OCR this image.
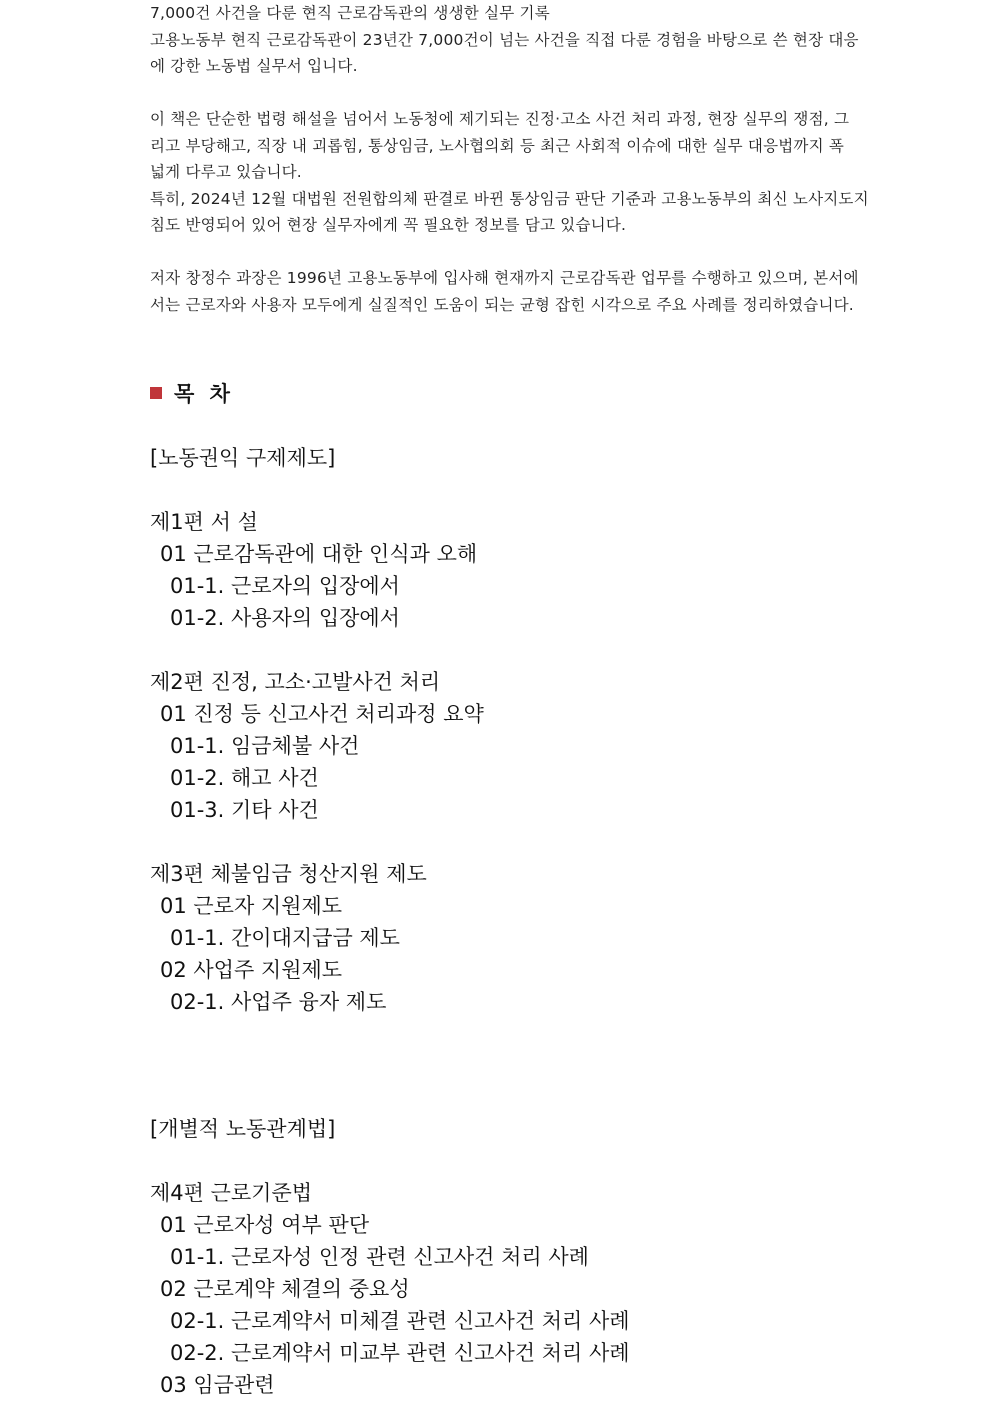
7,000건 사건을 다룬 현직 근로감독관의 생생한 실무 기록
고용노동부 현직 근로감독관이 23년간 7,000건이 넘는 사건을 직접 다룬 경험을 바탕으로 쓴 현장 대응
에 강한 노동법 실무서 입니다.

이 책은 단순한 법령 해설을 넘어서 노동청에 제기되는 진정·고소 사건 처리 과정, 현장 실무의 쟁점, 그
리고 부당해고, 직장 내 괴롭힘, 통상임금, 노사협의회 등 최근 사회적 이슈에 대한 실무 대응법까지 폭
넓게 다루고 있습니다.
특히, 2024년 12월 대법원 전원합의체 판결로 바뀐 통상임금 판단 기준과 고용노동부의 최신 노사지도지
침도 반영되어 있어 현장 실무자에게 꼭 필요한 정보를 담고 있습니다.

저자 창정수 과장은 1996년 고용노동부에 입사해 현재까지 근로감독관 업무를 수행하고 있으며, 본서에
서는 근로자와 사용자 모두에게 실질적인 도움이 되는 균형 잡힌 시각으로 주요 사례를 정리하였습니다.

목 차
[노동권익 구제제도]
제1편 서 설
01 근로감독관에 대한 인식과 오해
01-1. 근로자의 입장에서
01-2. 사용자의 입장에서
제2편 진정, 고소·고발사건 처리
01 진정 등 신고사건 처리과정 요약
01-1. 임금체불 사건
01-2. 해고 사건
01-3. 기타 사건
제3편 체불임금 청산지원 제도
01 근로자 지원제도
01-1. 간이대지급금 제도
02 사업주 지원제도
02-1. 사업주 융자 제도
[개별적 노동관계법]
제4편 근로기준법
01 근로자성 여부 판단
01-1. 근로자성 인정 관련 신고사건 처리 사례
02 근로계약 체결의 중요성
02-1. 근로계약서 미체결 관련 신고사건 처리 사례
02-2. 근로계약서 미교부 관련 신고사건 처리 사례
03 임금관련
